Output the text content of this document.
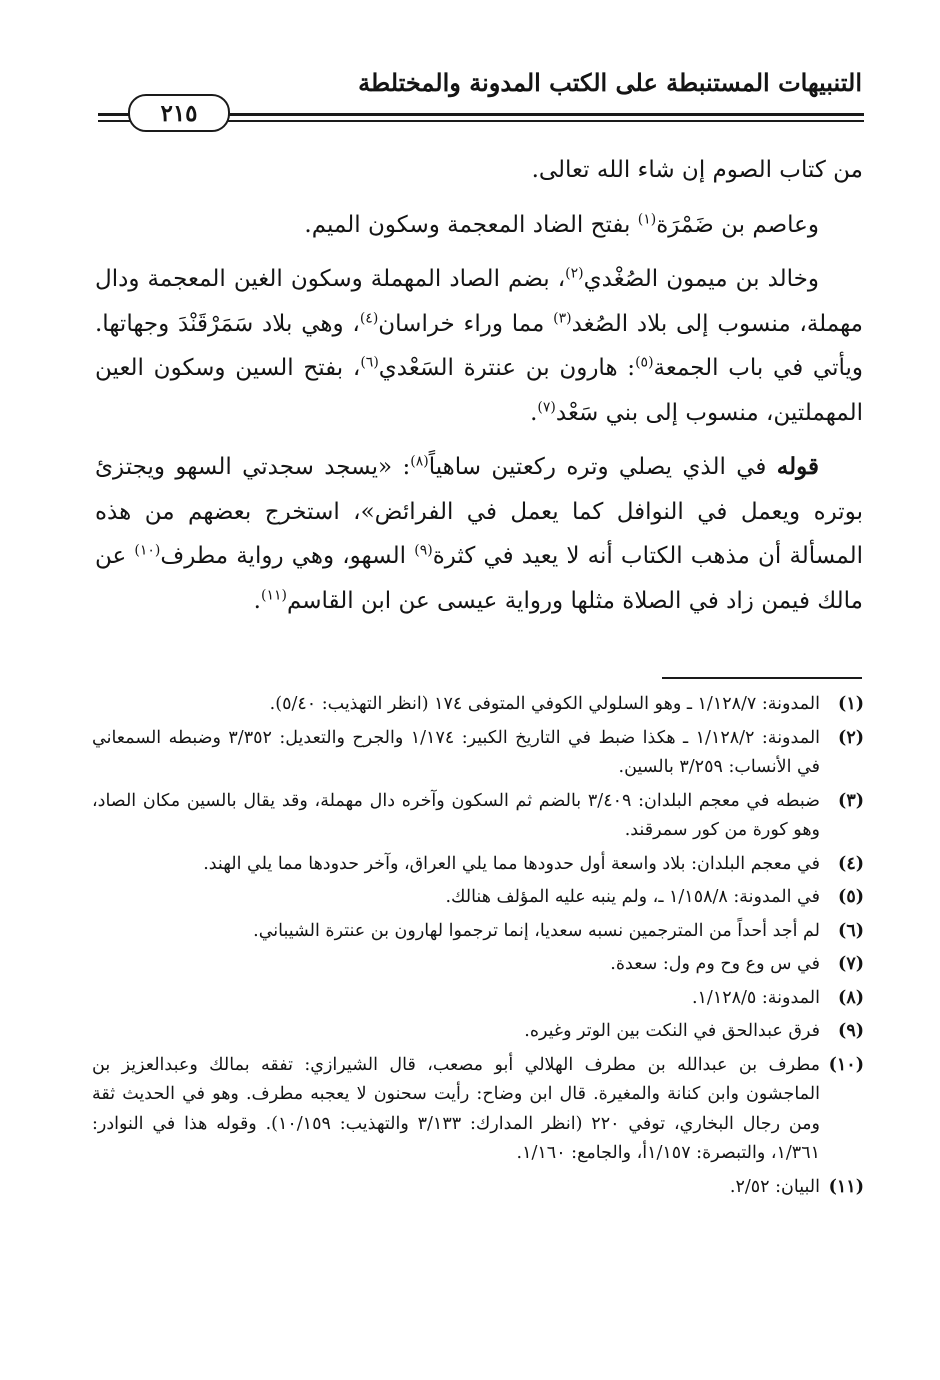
التنبيهات المستنبطة على الكتب المدونة والمختلطة
٢١٥

من كتاب الصوم إن شاء الله تعالى.

وعاصم بن ضَمْرَة$^{(١)}$ بفتح الضاد المعجمة وسكون الميم.

وخالد بن ميمون الصُغْدي$^{(٢)}$، بضم الصاد المهملة وسكون الغين المعجمة ودال مهملة، منسوب إلى بلاد الصُغد$^{(٣)}$ مما وراء خراسان$^{(٤)}$، وهي بلاد سَمَرْقَنْدَ وجهاتها. ويأتي في باب الجمعة$^{(٥)}$: هارون بن عنترة السَعْدي$^{(٦)}$، بفتح السين وسكون العين المهملتين، منسوب إلى بني سَعْد$^{(٧)}$.

قوله في الذي يصلي وتره ركعتين ساهياً$^{(٨)}$: «يسجد سجدتي السهو ويجتزئ بوتره ويعمل في النوافل كما يعمل في الفرائض»، استخرج بعضهم من هذه المسألة أن مذهب الكتاب أنه لا يعيد في كثرة$^{(٩)}$ السهو، وهي رواية مطرف$^{(١٠)}$ عن مالك فيمن زاد في الصلاة مثلها ورواية عيسى عن ابن القاسم$^{(١١)}$.

(١)
المدونة: ١/١٢٨/٧ ـ وهو السلولي الكوفي المتوفى ١٧٤ (انظر التهذيب: ٥/٤٠).
(٢)
المدونة: ١/١٢٨/٢ ـ هكذا ضبط في التاريخ الكبير: ١/١٧٤ والجرح والتعديل: ٣/٣٥٢ وضبطه السمعاني في الأنساب: ٣/٢٥٩ بالسين.
(٣)
ضبطه في معجم البلدان: ٣/٤٠٩ بالضم ثم السكون وآخره دال مهملة، وقد يقال بالسين مكان الصاد، وهو كورة من كور سمرقند.
(٤)
في معجم البلدان: بلاد واسعة أول حدودها مما يلي العراق، وآخر حدودها مما يلي الهند.
(٥)
في المدونة: ١/١٥٨/٨ ـ، ولم ينبه عليه المؤلف هنالك.
(٦)
لم أجد أحداً من المترجمين نسبه سعديا، إنما ترجموا لهارون بن عنترة الشيباني.
(٧)
في س وع وح وم ول: سعدة.
(٨)
المدونة: ١/١٢٨/٥.
(٩)
فرق عبدالحق في النكت بين الوتر وغيره.
(١٠)
مطرف بن عبدالله بن مطرف الهلالي أبو مصعب، قال الشيرازي: تفقه بمالك وعبدالعزيز بن الماجشون وابن كنانة والمغيرة. قال ابن وضاح: رأيت سحنون لا يعجبه مطرف. وهو في الحديث ثقة ومن رجال البخاري، توفي ٢٢٠ (انظر المدارك: ٣/١٣٣ والتهذيب: ١٠/١٥٩). وقوله هذا في النوادر: ١/٣٦١، والتبصرة: ١/١٥٧أ، والجامع: ١/١٦٠.
(١١)
البيان: ٢/٥٢.
